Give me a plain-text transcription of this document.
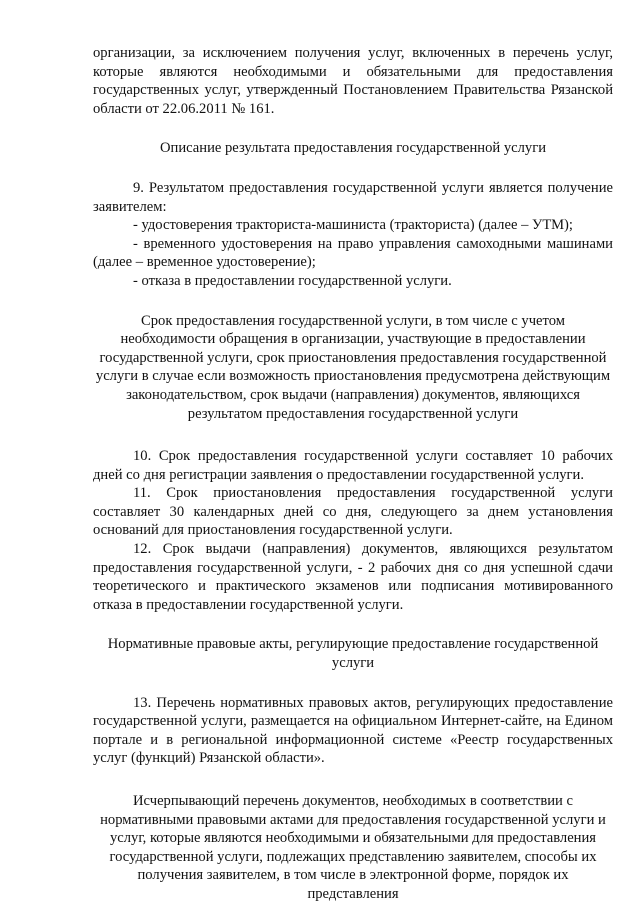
организации, за исключением получения услуг, включенных в перечень услуг, которые являются необходимыми и обязательными для предоставления государственных услуг, утвержденный Постановлением Правительства Рязанской области от 22.06.2011 № 161.

Описание результата предоставления государственной услуги

9. Результатом предоставления государственной услуги является получение заявителем:

- удостоверения тракториста-машиниста (тракториста) (далее – УТМ);

- временного удостоверения на право управления самоходными машинами (далее – временное удостоверение);

- отказа в предоставлении государственной услуги.

Срок предоставления государственной услуги, в том числе с учетом необходимости обращения в организации, участвующие в предоставлении государственной услуги, срок приостановления предоставления государственной услуги в случае если возможность приостановления предусмотрена действующим законодательством, срок выдачи (направления) документов, являющихся результатом предоставления государственной услуги

10. Срок предоставления государственной услуги составляет 10 рабочих дней со дня регистрации заявления о предоставлении государственной услуги.

11. Срок приостановления предоставления государственной услуги составляет 30 календарных дней со дня, следующего за днем установления оснований для приостановления государственной услуги.

12. Срок выдачи (направления) документов, являющихся результатом предоставления государственной услуги, - 2 рабочих дня со дня успешной сдачи теоретического и практического экзаменов или подписания мотивированного отказа в предоставлении государственной услуги.

Нормативные правовые акты, регулирующие предоставление государственной услуги

13. Перечень нормативных правовых актов, регулирующих предоставление государственной услуги, размещается на официальном Интернет-сайте, на Едином портале и в региональной информационной системе «Реестр государственных услуг (функций) Рязанской области».

Исчерпывающий перечень документов, необходимых в соответствии с нормативными правовыми актами для предоставления государственной услуги и услуг, которые являются необходимыми и обязательными для предоставления государственной услуги, подлежащих представлению заявителем, способы их получения заявителем, в том числе в электронной форме, порядок их представления
